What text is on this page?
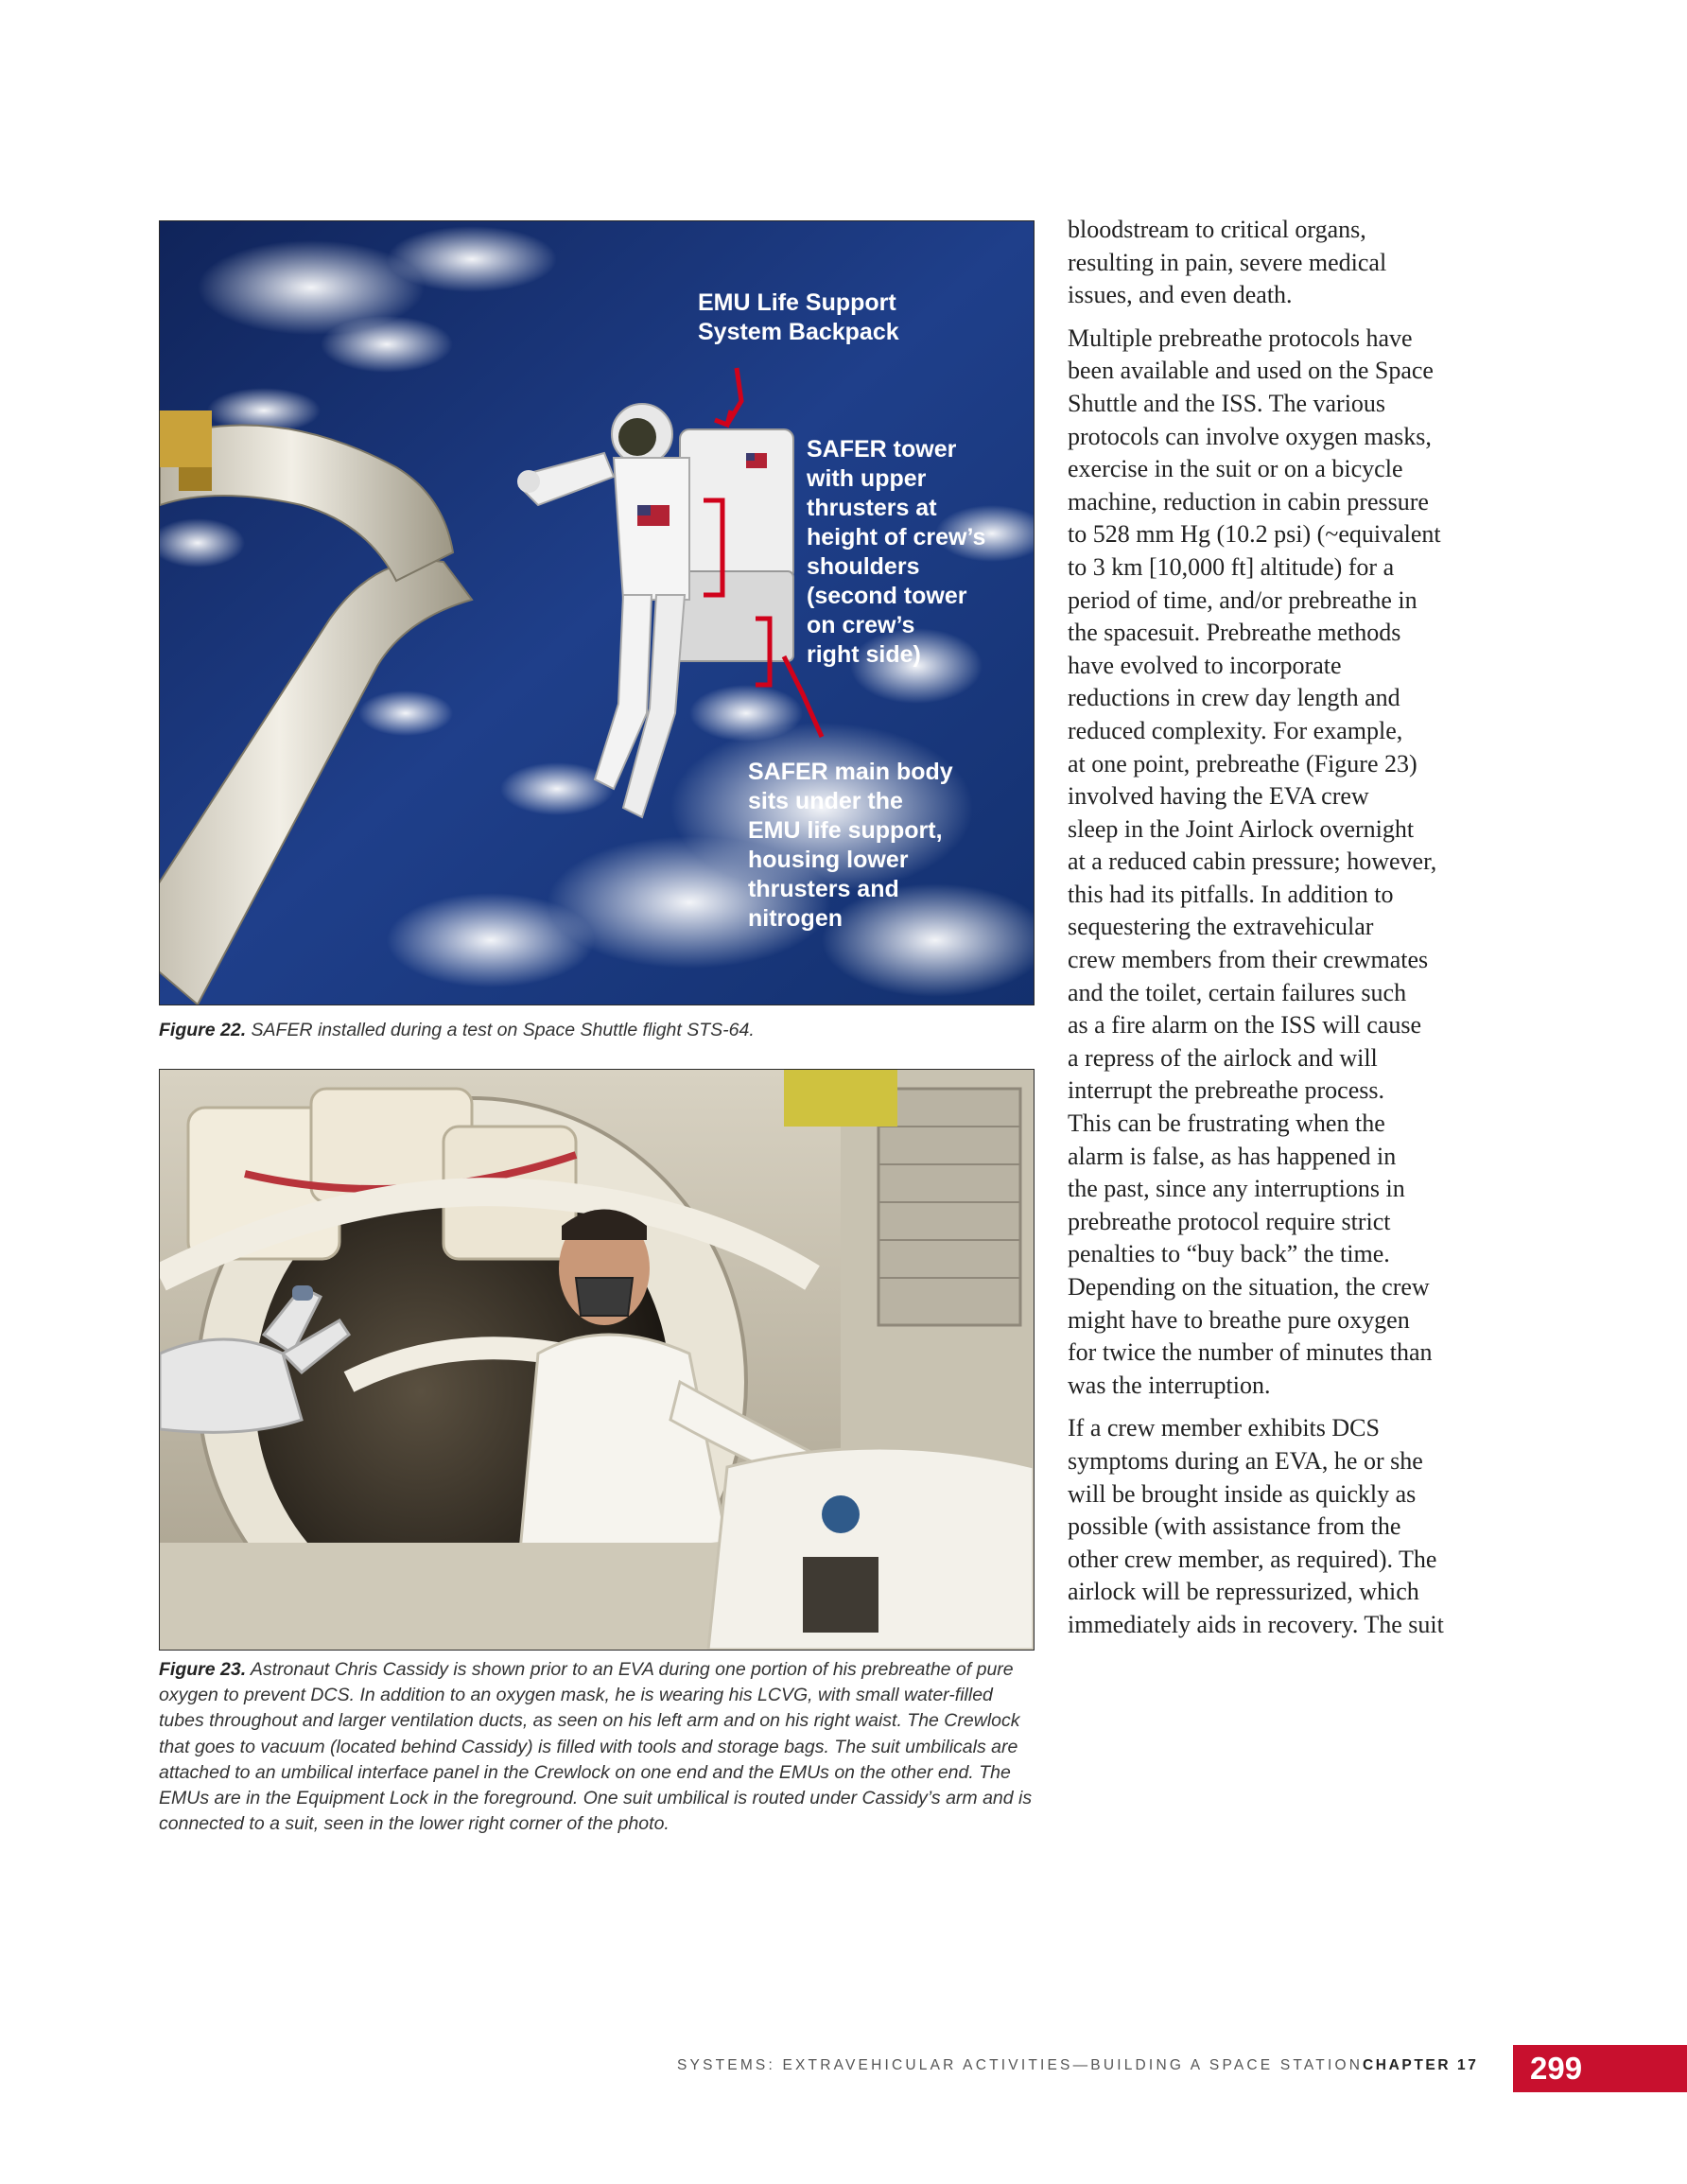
EMU Life Support
System Backpack

SAFER tower
with upper
thrusters at
height of crew’s
shoulders
(second tower
on crew’s
right side)

SAFER main body
sits under the
EMU life support,
housing lower
thrusters and
nitrogen

Figure 22. SAFER installed during a test on Space Shuttle flight STS-64.

Figure 23. Astronaut Chris Cassidy is shown prior to an EVA during one portion of his prebreathe of pure oxygen to prevent DCS. In addition to an oxygen mask, he is wearing his LCVG, with small water-filled tubes throughout and larger ventilation ducts, as seen on his left arm and on his right waist. The Crewlock that goes to vacuum (located behind Cassidy) is filled with tools and storage bags. The suit umbilicals are attached to an umbilical interface panel in the Crewlock on one end and the EMUs on the other end. The EMUs are in the Equipment Lock in the foreground. One suit umbilical is routed under Cassidy’s arm and is connected to a suit, seen in the lower right corner of the photo.

bloodstream to critical organs,
resulting in pain, severe medical
issues, and even death.

Multiple prebreathe protocols have
been available and used on the Space
Shuttle and the ISS. The various
protocols can involve oxygen masks,
exercise in the suit or on a bicycle
machine, reduction in cabin pressure
to 528 mm Hg (10.2 psi) (~equivalent
to 3 km [10,000 ft] altitude) for a
period of time, and/or prebreathe in
the spacesuit. Prebreathe methods
have evolved to incorporate
reductions in crew day length and
reduced complexity. For example,
at one point, prebreathe (Figure 23)
involved having the EVA crew
sleep in the Joint Airlock overnight
at a reduced cabin pressure; however,
this had its pitfalls. In addition to
sequestering the extravehicular
crew members from their crewmates
and the toilet, certain failures such
as a fire alarm on the ISS will cause
a repress of the airlock and will
interrupt the prebreathe process.
This can be frustrating when the
alarm is false, as has happened in
the past, since any interruptions in
prebreathe protocol require strict
penalties to “buy back” the time.
Depending on the situation, the crew
might have to breathe pure oxygen
for twice the number of minutes than
was the interruption.

If a crew member exhibits DCS
symptoms during an EVA, he or she
will be brought inside as quickly as
possible (with assistance from the
other crew member, as required). The
airlock will be repressurized, which
immediately aids in recovery. The suit

SYSTEMS: EXTRAVEHICULAR ACTIVITIES—BUILDING A SPACE STATION CHAPTER 17	299
